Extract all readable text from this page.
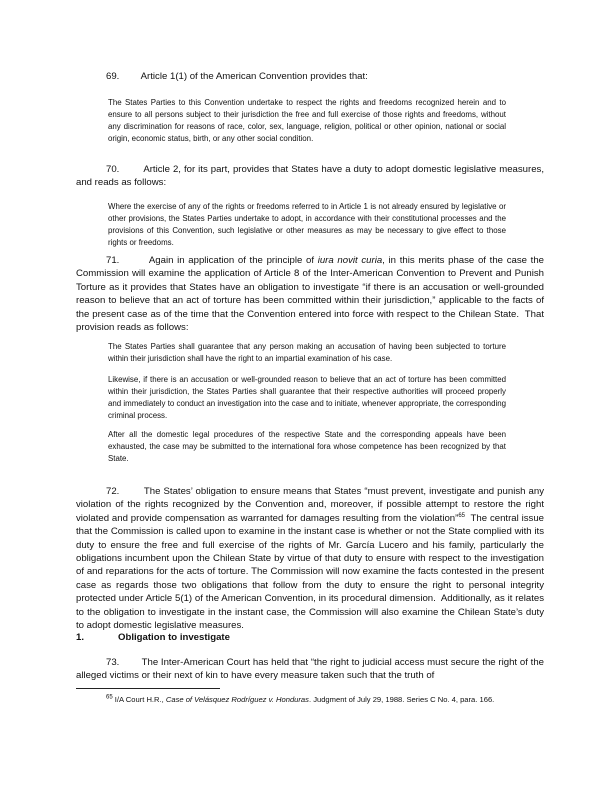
69.        Article 1(1) of the American Convention provides that:

The States Parties to this Convention undertake to respect the rights and freedoms recognized herein and to ensure to all persons subject to their jurisdiction the free and full exercise of those rights and freedoms, without any discrimination for reasons of race, color, sex, language, religion, political or other opinion, national or social origin, economic status, birth, or any other social condition.

70.        Article 2, for its part, provides that States have a duty to adopt domestic legislative measures, and reads as follows:

Where the exercise of any of the rights or freedoms referred to in Article 1 is not already ensured by legislative or other provisions, the States Parties undertake to adopt, in accordance with their constitutional processes and the provisions of this Convention, such legislative or other measures as may be necessary to give effect to those rights or freedoms.

71.        Again in application of the principle of iura novit curia, in this merits phase of the case the Commission will examine the application of Article 8 of the Inter-American Convention to Prevent and Punish Torture as it provides that States have an obligation to investigate “if there is an accusation or well-grounded reason to believe that an act of torture has been committed within their jurisdiction,” applicable to the facts of the present case as of the time that the Convention entered into force with respect to the Chilean State.  That provision reads as follows:

The States Parties shall guarantee that any person making an accusation of having been subjected to torture within their jurisdiction shall have the right to an impartial examination of his case.

Likewise, if there is an accusation or well-grounded reason to believe that an act of torture has been committed within their jurisdiction, the States Parties shall guarantee that their respective authorities will proceed properly and immediately to conduct an investigation into the case and to initiate, whenever appropriate, the corresponding criminal process.

After all the domestic legal procedures of the respective State and the corresponding appeals have been exhausted, the case may be submitted to the international fora whose competence has been recognized by that State.

72.        The States’ obligation to ensure means that States “must prevent, investigate and punish any violation of the rights recognized by the Convention and, moreover, if possible attempt to restore the right violated and provide compensation as warranted for damages resulting from the violation”$^{65}$  The central issue that the Commission is called upon to examine in the instant case is whether or not the State complied with its duty to ensure the free and full exercise of the rights of Mr. García Lucero and his family, particularly the obligations incumbent upon the Chilean State by virtue of that duty to ensure with respect to the investigation of and reparations for the acts of torture. The Commission will now examine the facts contested in the present case as regards those two obligations that follow from the duty to ensure the right to personal integrity protected under Article 5(1) of the American Convention, in its procedural dimension.  Additionally, as it relates to the obligation to investigate in the instant case, the Commission will also examine the Chilean State’s duty to adopt domestic legislative measures.

1.	Obligation to investigate

73.        The Inter-American Court has held that “the right to judicial access must secure the right of the alleged victims or their next of kin to have every measure taken such that the truth of

$^{65}$ I/A Court H.R., Case of Velásquez Rodríguez v. Honduras. Judgment of July 29, 1988. Series C No. 4, para. 166.
